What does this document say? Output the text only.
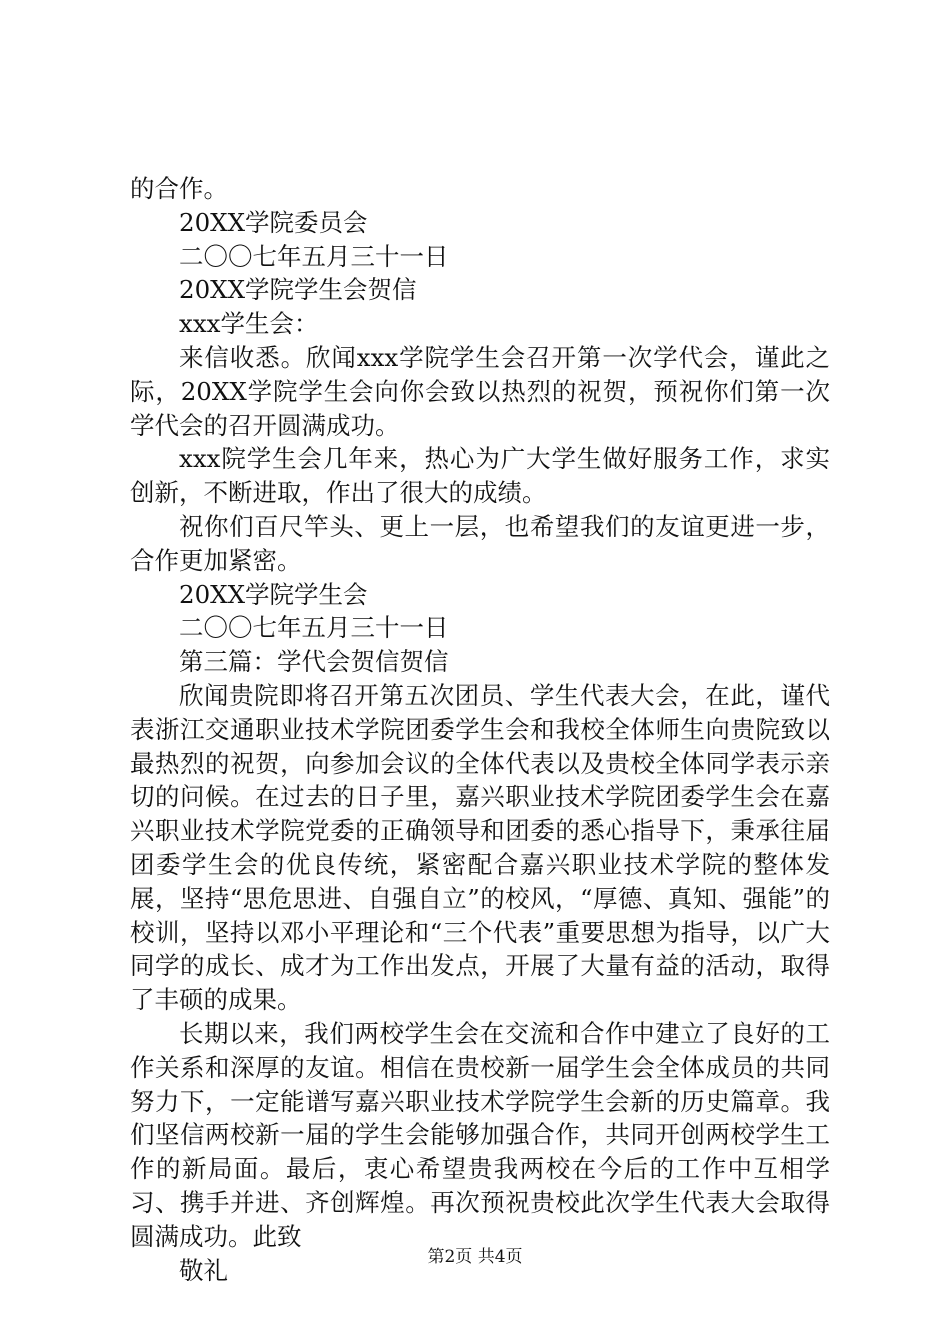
的合作。

20XX学院委员会

二〇〇七年五月三十一日

20XX学院学生会贺信

xxx学生会：

来信收悉。欣闻xxx学院学生会召开第一次学代会，谨此之际，20XX学院学生会向你会致以热烈的祝贺，预祝你们第一次学代会的召开圆满成功。

xxx院学生会几年来，热心为广大学生做好服务工作，求实创新，不断进取，作出了很大的成绩。

祝你们百尺竿头、更上一层，也希望我们的友谊更进一步，合作更加紧密。

20XX学院学生会

二〇〇七年五月三十一日

第三篇：学代会贺信贺信

欣闻贵院即将召开第五次团员、学生代表大会，在此，谨代表浙江交通职业技术学院团委学生会和我校全体师生向贵院致以最热烈的祝贺，向参加会议的全体代表以及贵校全体同学表示亲切的问候。在过去的日子里，嘉兴职业技术学院团委学生会在嘉兴职业技术学院党委的正确领导和团委的悉心指导下，秉承往届团委学生会的优良传统，紧密配合嘉兴职业技术学院的整体发展，坚持“思危思进、自强自立”的校风，“厚德、真知、强能”的校训，坚持以邓小平理论和“三个代表”重要思想为指导，以广大同学的成长、成才为工作出发点，开展了大量有益的活动，取得了丰硕的成果。

长期以来，我们两校学生会在交流和合作中建立了良好的工作关系和深厚的友谊。相信在贵校新一届学生会全体成员的共同努力下，一定能谱写嘉兴职业技术学院学生会新的历史篇章。我们坚信两校新一届的学生会能够加强合作，共同开创两校学生工作的新局面。最后，衷心希望贵我两校在今后的工作中互相学习、携手并进、齐创辉煌。再次预祝贵校此次学生代表大会取得圆满成功。此致

敬礼	第2页 共4页
